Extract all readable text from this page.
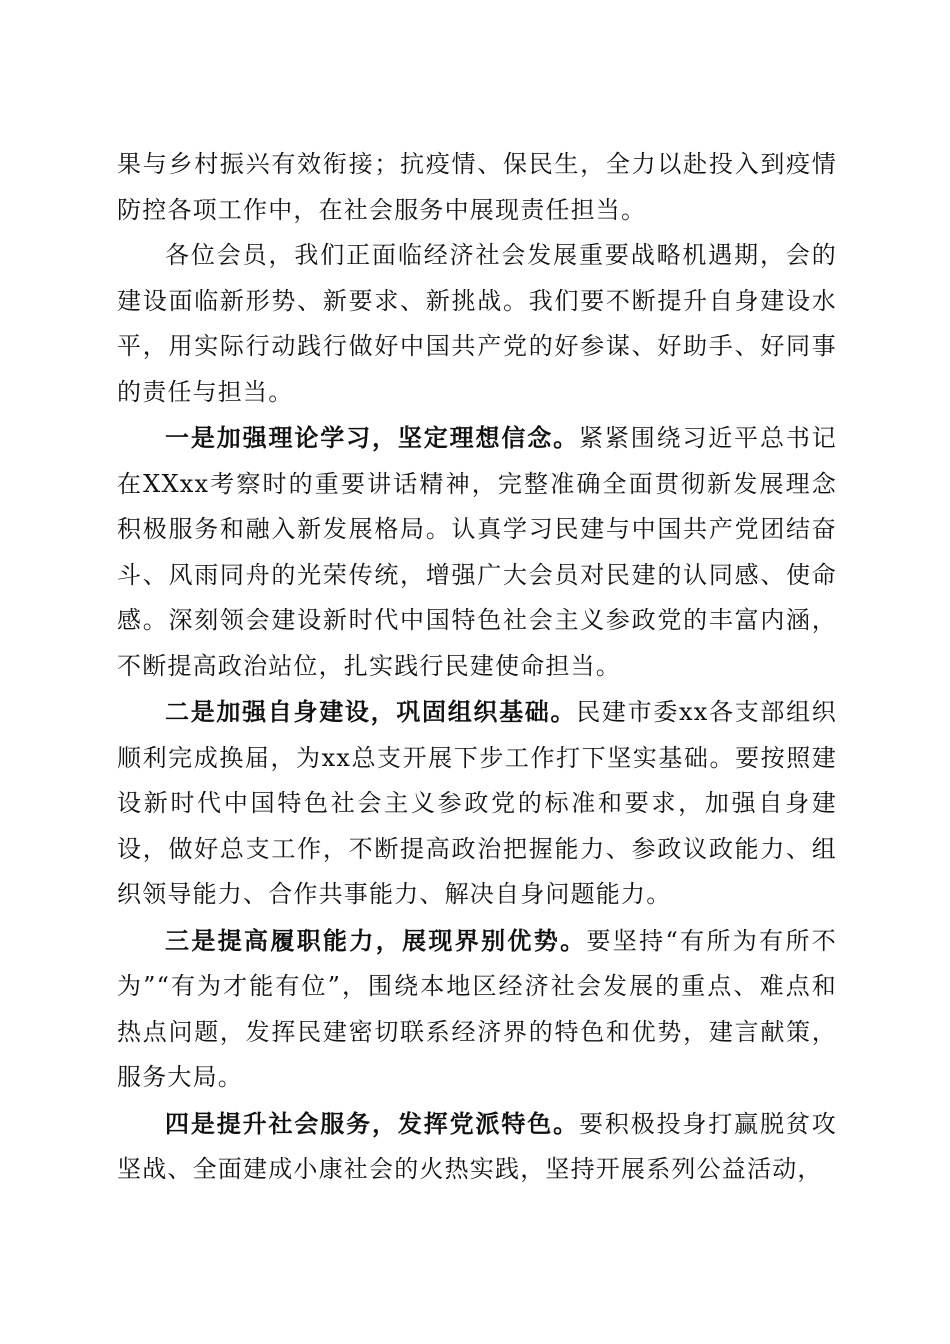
果与乡村振兴有效衔接；抗疫情、保民生，全力以赴投入到疫情防控各项工作中，在社会服务中展现责任担当。

各位会员，我们正面临经济社会发展重要战略机遇期，会的建设面临新形势、新要求、新挑战。我们要不断提升自身建设水平，用实际行动践行做好中国共产党的好参谋、好助手、好同事的责任与担当。

一是加强理论学习，坚定理想信念。紧紧围绕习近平总书记在XXxx考察时的重要讲话精神，完整准确全面贯彻新发展理念积极服务和融入新发展格局。认真学习民建与中国共产党团结奋斗、风雨同舟的光荣传统，增强广大会员对民建的认同感、使命感。深刻领会建设新时代中国特色社会主义参政党的丰富内涵，不断提高政治站位，扎实践行民建使命担当。

二是加强自身建设，巩固组织基础。民建市委xx各支部组织顺利完成换届，为xx总支开展下步工作打下坚实基础。要按照建设新时代中国特色社会主义参政党的标准和要求，加强自身建设，做好总支工作，不断提高政治把握能力、参政议政能力、组织领导能力、合作共事能力、解决自身问题能力。

三是提高履职能力，展现界别优势。要坚持“有所为有所不为”“有为才能有位”，围绕本地区经济社会发展的重点、难点和热点问题，发挥民建密切联系经济界的特色和优势，建言献策，服务大局。

四是提升社会服务，发挥党派特色。要积极投身打赢脱贫攻坚战、全面建成小康社会的火热实践，坚持开展系列公益活动，
